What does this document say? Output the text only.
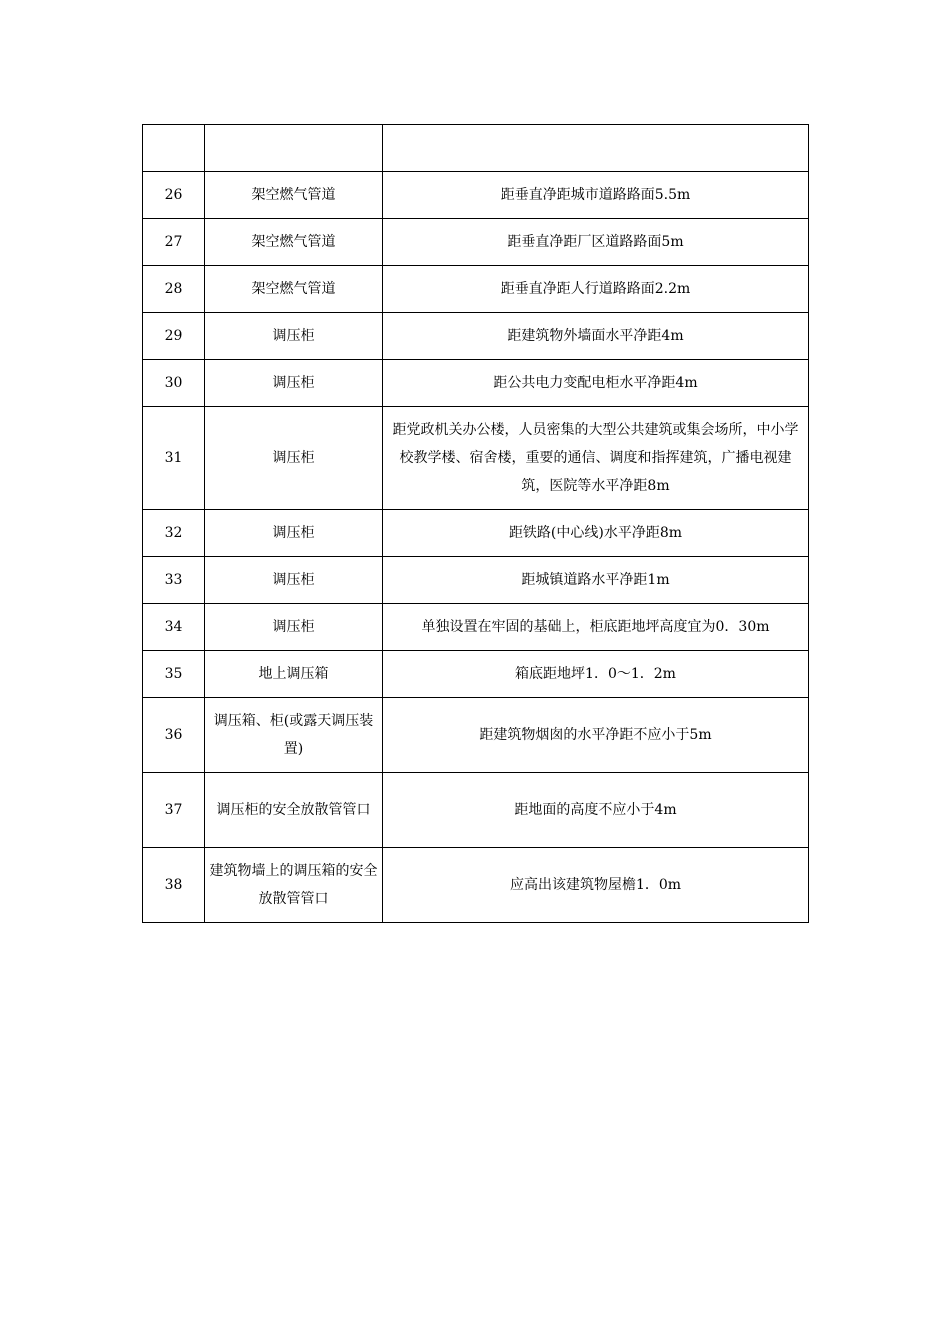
26	架空燃气管道	距垂直净距城市道路路面5.5m
27	架空燃气管道	距垂直净距厂区道路路面5m
28	架空燃气管道	距垂直净距人行道路路面2.2m
29	调压柜	距建筑物外墙面水平净距4m
30	调压柜	距公共电力变配电柜水平净距4m
31	调压柜	距党政机关办公楼，人员密集的大型公共建筑或集会场所，中小学校教学楼、宿舍楼，重要的通信、调度和指挥建筑，广播电视建筑，医院等水平净距8m
32	调压柜	距铁路(中心线)水平净距8m
33	调压柜	距城镇道路水平净距1m
34	调压柜	单独设置在牢固的基础上，柜底距地坪高度宜为0．30m
35	地上调压箱	箱底距地坪1．0～1．2m
36	调压箱、柜(或露天调压装置)	距建筑物烟囱的水平净距不应小于5m
37	调压柜的安全放散管管口	距地面的高度不应小于4m
38	建筑物墙上的调压箱的安全放散管管口	应高出该建筑物屋檐1．0m
